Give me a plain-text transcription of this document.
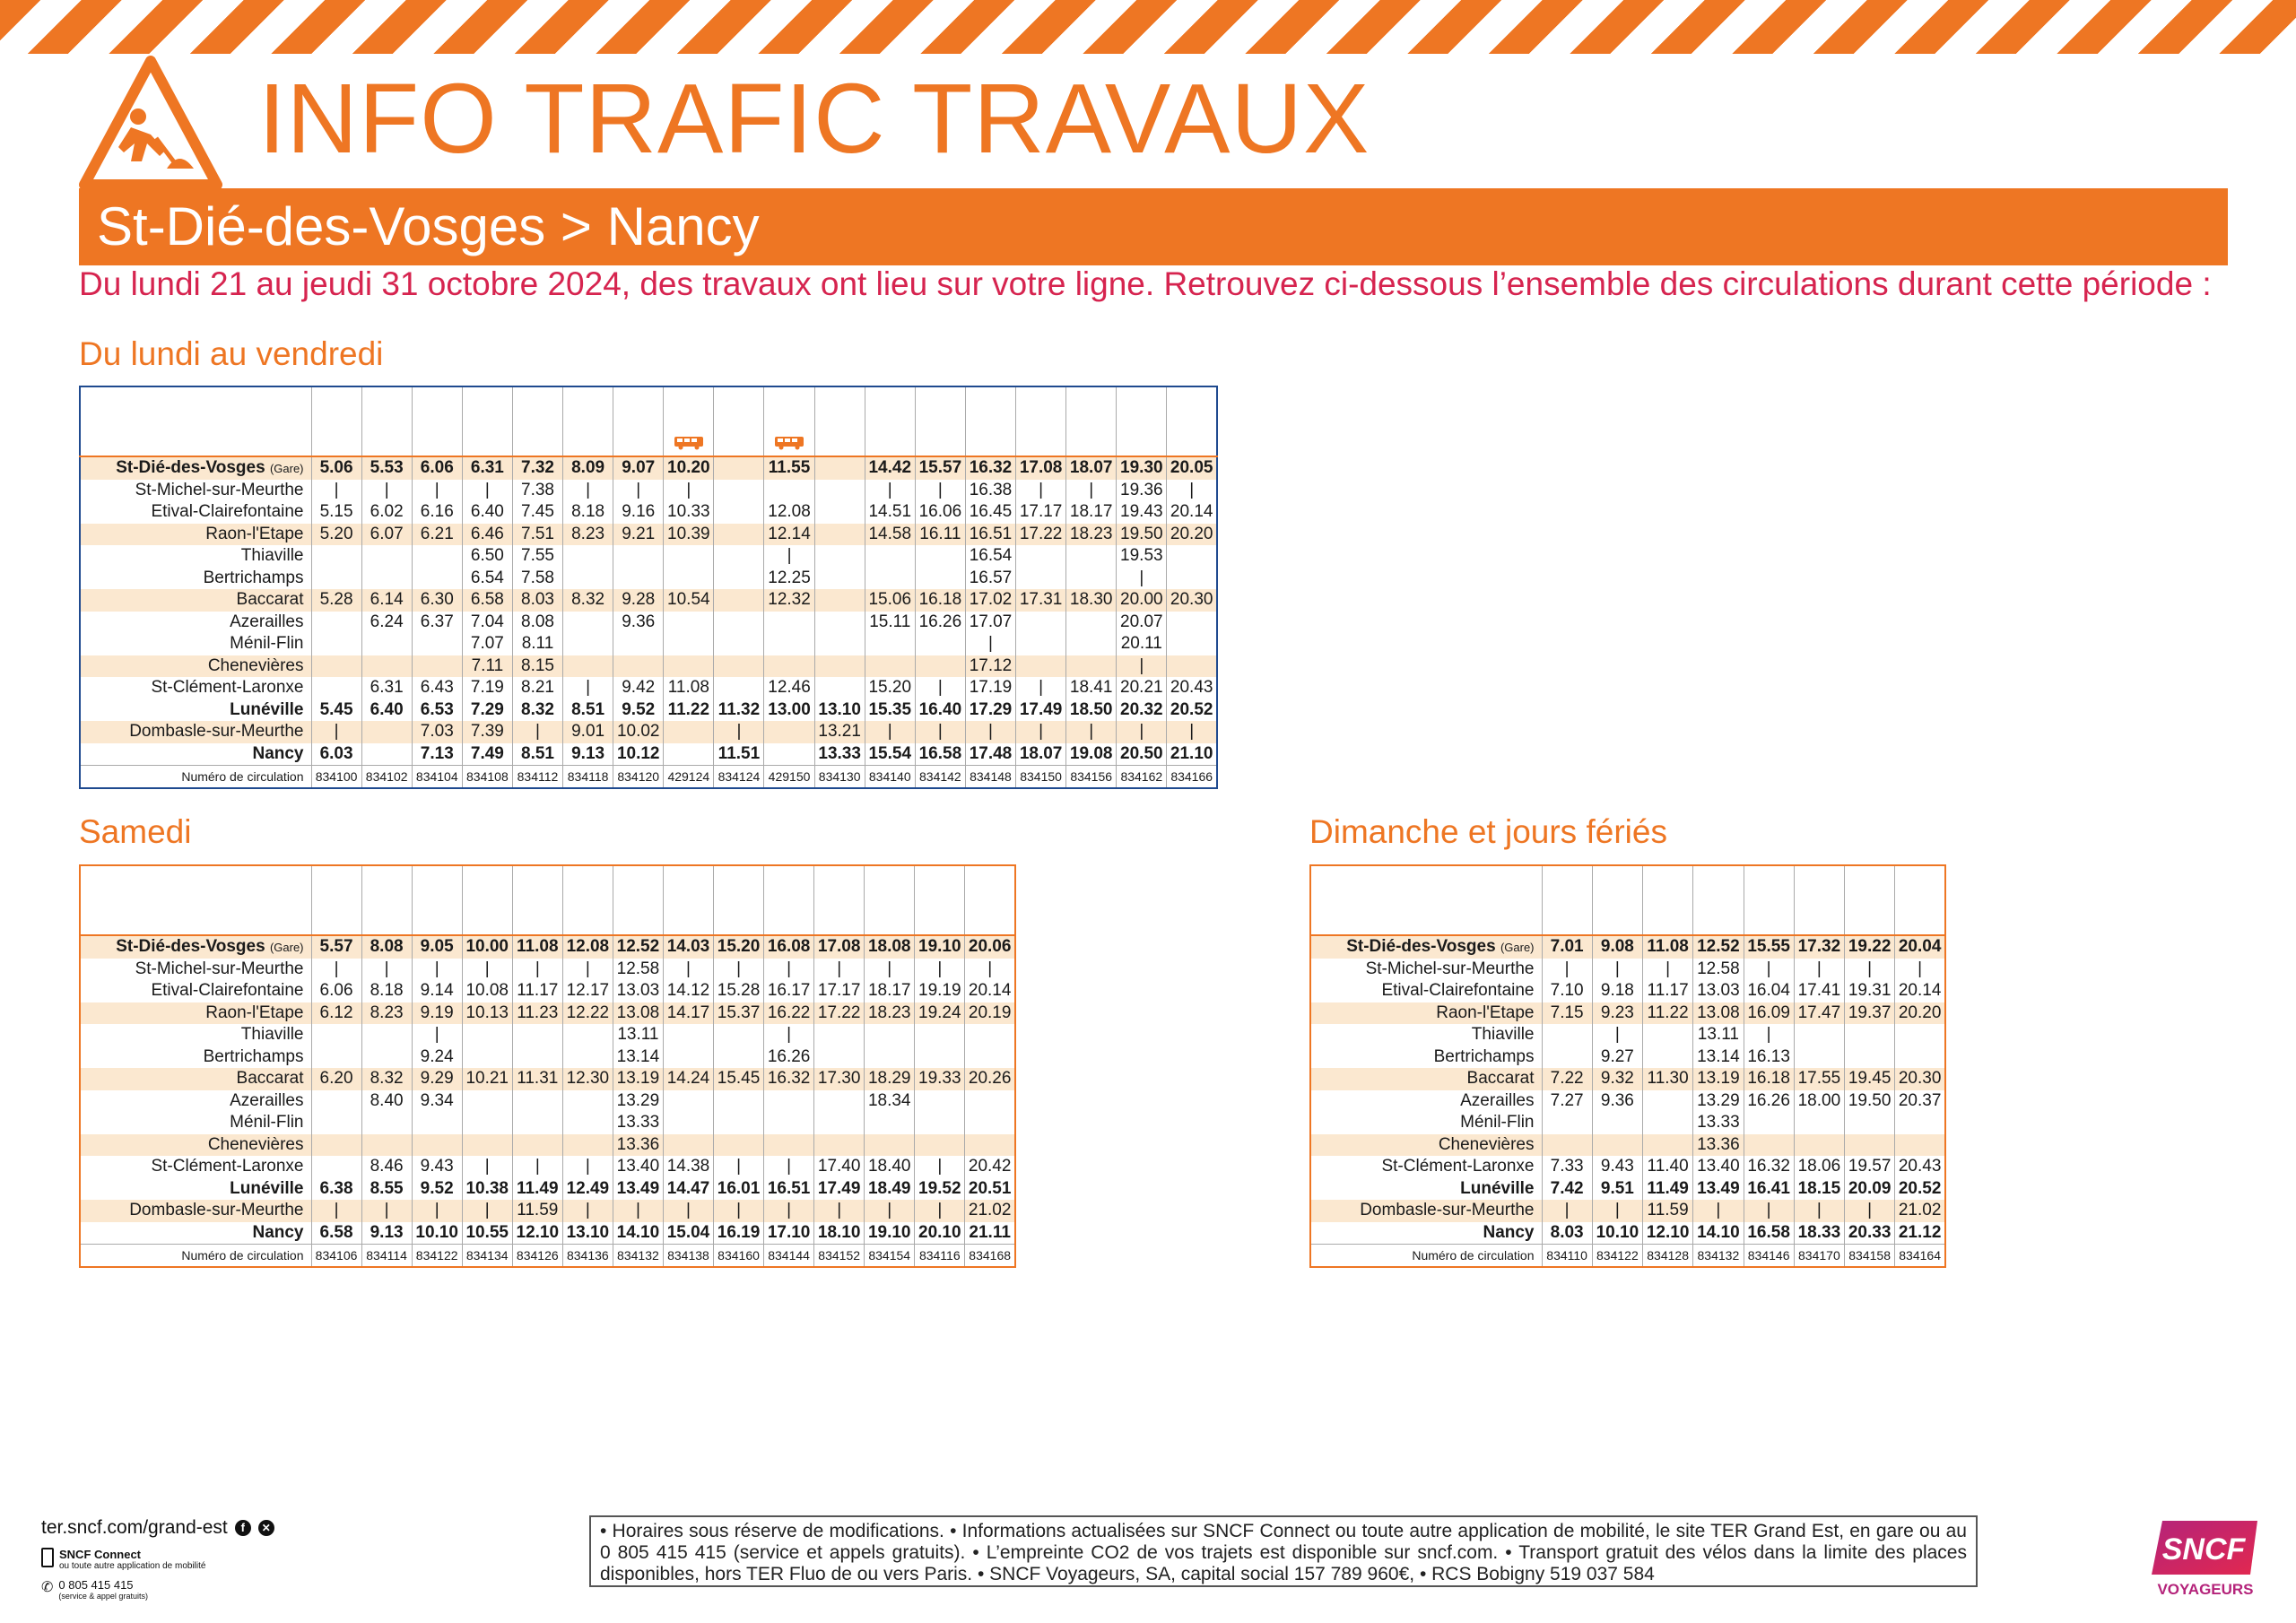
INFO TRAFIC TRAVAUX
St-Dié-des-Vosges > Nancy
Du lundi 21 au jeudi 31 octobre 2024, des travaux ont lieu sur votre ligne. Retrouvez ci-dessous l’ensemble des circulations durant cette période :
Du lundi au vendredi
Samedi	Dimanche et jours fériés

St-Dié-des-Vosges (Gare)	5.06	5.53	6.06	6.31	7.32	8.09	9.07	10.20		11.55		14.42	15.57	16.32	17.08	18.07	19.30	20.05
St-Michel-sur-Meurthe	|	|	|	|	7.38	|	|	|				|	|	16.38	|	|	19.36	|
Etival-Clairefontaine	5.15	6.02	6.16	6.40	7.45	8.18	9.16	10.33		12.08		14.51	16.06	16.45	17.17	18.17	19.43	20.14
Raon-l'Etape	5.20	6.07	6.21	6.46	7.51	8.23	9.21	10.39		12.14		14.58	16.11	16.51	17.22	18.23	19.50	20.20
Thiaville				6.50	7.55					|				16.54			19.53	
Bertrichamps				6.54	7.58					12.25				16.57			|	
Baccarat	5.28	6.14	6.30	6.58	8.03	8.32	9.28	10.54		12.32		15.06	16.18	17.02	17.31	18.30	20.00	20.30
Azerailles		6.24	6.37	7.04	8.08		9.36					15.11	16.26	17.07			20.07	
Ménil-Flin				7.07	8.11									|			20.11	
Chenevières				7.11	8.15									17.12			|	
St-Clément-Laronxe		6.31	6.43	7.19	8.21	|	9.42	11.08		12.46		15.20	|	17.19	|	18.41	20.21	20.43
Lunéville	5.45	6.40	6.53	7.29	8.32	8.51	9.52	11.22	11.32	13.00	13.10	15.35	16.40	17.29	17.49	18.50	20.32	20.52
Dombasle-sur-Meurthe	|		7.03	7.39	|	9.01	10.02		|		13.21	|	|	|	|	|	|	|
Nancy	6.03		7.13	7.49	8.51	9.13	10.12		11.51		13.33	15.54	16.58	17.48	18.07	19.08	20.50	21.10
Numéro de circulation	834100	834102	834104	834108	834112	834118	834120	429124	834124	429150	834130	834140	834142	834148	834150	834156	834162	834166

St-Dié-des-Vosges (Gare)	5.57	8.08	9.05	10.00	11.08	12.08	12.52	14.03	15.20	16.08	17.08	18.08	19.10	20.06
St-Michel-sur-Meurthe	|	|	|	|	|	|	12.58	|	|	|	|	|	|	|
Etival-Clairefontaine	6.06	8.18	9.14	10.08	11.17	12.17	13.03	14.12	15.28	16.17	17.17	18.17	19.19	20.14
Raon-l'Etape	6.12	8.23	9.19	10.13	11.23	12.22	13.08	14.17	15.37	16.22	17.22	18.23	19.24	20.19
Thiaville			|				13.11			|				
Bertrichamps			9.24				13.14			16.26				
Baccarat	6.20	8.32	9.29	10.21	11.31	12.30	13.19	14.24	15.45	16.32	17.30	18.29	19.33	20.26
Azerailles		8.40	9.34				13.29					18.34		
Ménil-Flin							13.33							
Chenevières							13.36							
St-Clément-Laronxe		8.46	9.43	|	|	|	13.40	14.38	|	|	17.40	18.40	|	20.42
Lunéville	6.38	8.55	9.52	10.38	11.49	12.49	13.49	14.47	16.01	16.51	17.49	18.49	19.52	20.51
Dombasle-sur-Meurthe	|	|	|	|	11.59	|	|	|	|	|	|	|	|	21.02
Nancy	6.58	9.13	10.10	10.55	12.10	13.10	14.10	15.04	16.19	17.10	18.10	19.10	20.10	21.11
Numéro de circulation	834106	834114	834122	834134	834126	834136	834132	834138	834160	834144	834152	834154	834116	834168

St-Dié-des-Vosges (Gare)	7.01	9.08	11.08	12.52	15.55	17.32	19.22	20.04
St-Michel-sur-Meurthe	|	|	|	12.58	|	|	|	|
Etival-Clairefontaine	7.10	9.18	11.17	13.03	16.04	17.41	19.31	20.14
Raon-l'Etape	7.15	9.23	11.22	13.08	16.09	17.47	19.37	20.20
Thiaville		|		13.11	|			
Bertrichamps		9.27		13.14	16.13			
Baccarat	7.22	9.32	11.30	13.19	16.18	17.55	19.45	20.30
Azerailles	7.27	9.36		13.29	16.26	18.00	19.50	20.37
Ménil-Flin				13.33				
Chenevières				13.36				
St-Clément-Laronxe	7.33	9.43	11.40	13.40	16.32	18.06	19.57	20.43
Lunéville	7.42	9.51	11.49	13.49	16.41	18.15	20.09	20.52
Dombasle-sur-Meurthe	|	|	11.59	|	|	|	|	21.02
Nancy	8.03	10.10	12.10	14.10	16.58	18.33	20.33	21.12
Numéro de circulation	834110	834122	834128	834132	834146	834170	834158	834164
ter.sncf.com/grand-est	f	✕
SNCF Connect
ou toute autre application de mobilité
✆ 0 805 415 415
(service & appel gratuits)
• Horaires sous réserve de modifications. • Informations actualisées sur SNCF Connect ou toute autre application de mobilité, le site TER Grand Est, en gare ou au 0 805 415 415 (service et appels gratuits). • L’empreinte CO2 de vos trajets est disponible sur sncf.com. • Transport gratuit des vélos dans la limite des places disponibles, hors TER Fluo de ou vers Paris. • SNCF Voyageurs, SA, capital social 157 789 960€, • RCS Bobigny 519 037 584
SNCF
VOYAGEURS
